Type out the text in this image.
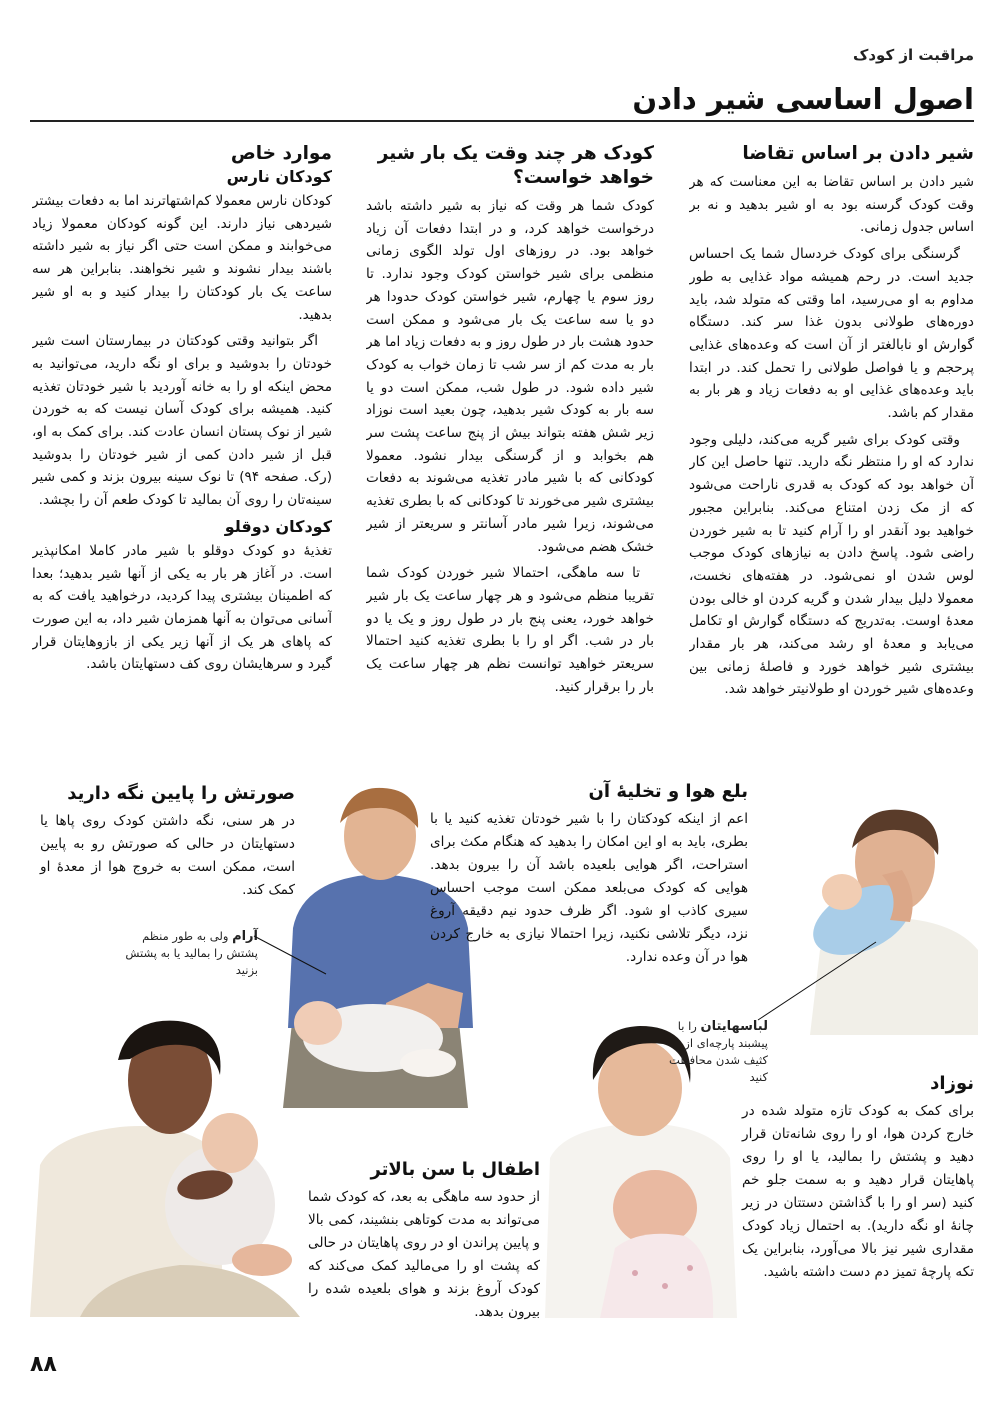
مراقبت از کودک
اصول اساسی شیر دادن
شیر دادن بر اساس تقاضا

شیر دادن بر اساس تقاضا به این معناست که هر وقت کودک گرسنه بود به او شیر بدهید و نه بر اساس جدول زمانی.

گرسنگی برای کودک خردسال شما یک احساس جدید است. در رحم همیشه مواد غذایی به طور مداوم به او می‌رسید، اما وقتی که متولد شد، باید دوره‌های طولانی بدون غذا سر کند. دستگاه گوارش او نابالغتر از آن است که وعده‌های غذایی پرحجم و یا فواصل طولانی را تحمل کند. در ابتدا باید وعده‌های غذایی او به دفعات زیاد و هر بار به مقدار کم باشد.

وقتی کودک برای شیر گریه می‌کند، دلیلی وجود ندارد که او را منتظر نگه دارید. تنها حاصل این کار آن خواهد بود که کودک به قدری ناراحت می‌شود که از مک زدن امتناع می‌کند. بنابراین مجبور خواهید بود آنقدر او را آرام کنید تا به شیر خوردن راضی شود. پاسخ دادن به نیازهای کودک موجب لوس شدن او نمی‌شود. در هفته‌های نخست، معمولا دلیل بیدار شدن و گریه کردن او خالی بودن معدهٔ اوست. به‌تدریج که دستگاه گوارش او تکامل می‌یابد و معدهٔ او رشد می‌کند، هر بار مقدار بیشتری شیر خواهد خورد و فاصلهٔ زمانی بین وعده‌های شیر خوردن او طولانیتر خواهد شد.

کودک هر چند وقت یک بار شیر خواهد خواست؟

کودک شما هر وقت که نیاز به شیر داشته باشد درخواست خواهد کرد، و در ابتدا دفعات آن زیاد خواهد بود. در روزهای اول تولد الگوی زمانی منظمی برای شیر خواستن کودک وجود ندارد. تا روز سوم یا چهارم، شیر خواستن کودک حدودا هر دو یا سه ساعت یک بار می‌شود و ممکن است حدود هشت بار در طول روز و به دفعات زیاد اما هر بار به مدت کم از سر شب تا زمان خواب به کودک شیر داده شود. در طول شب، ممکن است دو یا سه بار به کودک شیر بدهید، چون بعید است نوزاد زیر شش هفته بتواند بیش از پنج ساعت پشت سر هم بخوابد و از گرسنگی بیدار نشود. معمولا کودکانی که با شیر مادر تغذیه می‌شوند به دفعات بیشتری شیر می‌خورند تا کودکانی که با بطری تغذیه می‌شوند، زیرا شیر مادر آسانتر و سریعتر از شیر خشک هضم می‌شود.

تا سه ماهگی، احتمالا شیر خوردن کودک شما تقریبا منظم می‌شود و هر چهار ساعت یک بار شیر خواهد خورد، یعنی پنج بار در طول روز و یک یا دو بار در شب. اگر او را با بطری تغذیه کنید احتمالا سریعتر خواهید توانست نظم هر چهار ساعت یک بار را برقرار کنید.

موارد خاص
کودکان نارس

کودکان نارس معمولا کم‌اشتهاترند اما به دفعات بیشتر شیردهی نیاز دارند. این گونه کودکان معمولا زیاد می‌خوابند و ممکن است حتی اگر نیاز به شیر داشته باشند بیدار نشوند و شیر نخواهند. بنابراین هر سه ساعت یک بار کودکتان را بیدار کنید و به او شیر بدهید.

اگر بتوانید وقتی کودکتان در بیمارستان است شیر خودتان را بدوشید و برای او نگه دارید، می‌توانید به محض اینکه او را به خانه آوردید با شیر خودتان تغذیه کنید. همیشه برای کودک آسان نیست که به خوردن شیر از نوک پستان انسان عادت کند. برای کمک به او، قبل از شیر دادن کمی از شیر خودتان را بدوشید (رک. صفحه ۹۴) تا نوک سینه بیرون بزند و کمی شیر سینه‌تان را روی آن بمالید تا کودک طعم آن را بچشد.

کودکان دوقلو

تغذیهٔ دو کودک دوقلو با شیر مادر کاملا امکانپذیر است. در آغاز هر بار به یکی از آنها شیر بدهید؛ بعدا که اطمینان بیشتری پیدا کردید، درخواهید یافت که به آسانی می‌توان به آنها همزمان شیر داد، به این صورت که پاهای هر یک از آنها زیر یکی از بازوهایتان قرار گیرد و سرهایشان روی کف دستهایتان باشد.

بلع هوا و تخلیهٔ آن

اعم از اینکه کودکتان را با شیر خودتان تغذیه کنید یا با بطری، باید به او این امکان را بدهید که هنگام مکث برای استراحت، اگر هوایی بلعیده باشد آن را بیرون بدهد. هوایی که کودک می‌بلعد ممکن است موجب احساس سیری کاذب او شود. اگر ظرف حدود نیم دقیقه آروغ نزد، دیگر تلاشی نکنید، زیرا احتمالا نیازی به خارج کردن هوا در آن وعده ندارد.

صورتش را پایین نگه دارید

در هر سنی، نگه داشتن کودک روی پاها یا دستهایتان در حالی که صورتش رو به پایین است، ممکن است به خروج هوا از معدهٔ او کمک کند.

آرام ولی به طور منظم پشتش را بمالید یا به پشتش بزنید
لباسهایتان را با پیشبند پارچه‌ای از کثیف شدن محافظت کنید	نوزاد

برای کمک به کودک تازه متولد شده در خارج کردن هوا، او را روی شانه‌تان قرار دهید و پشتش را بمالید، یا او را روی پاهایتان قرار دهید و به سمت جلو خم کنید (سر او را با گذاشتن دستتان در زیر چانهٔ او نگه دارید). به احتمال زیاد کودک مقداری شیر نیز بالا می‌آورد، بنابراین یک تکه پارچهٔ تمیز دم دست داشته باشید.

اطفال با سن بالاتر

از حدود سه ماهگی به بعد، که کودک شما می‌تواند به مدت کوتاهی بنشیند، کمی بالا و پایین پراندن او در روی پاهایتان در حالی که پشت او را می‌مالید کمک می‌کند که کودک آروغ بزند و هوای بلعیده شده را بیرون بدهد.

۸۸
